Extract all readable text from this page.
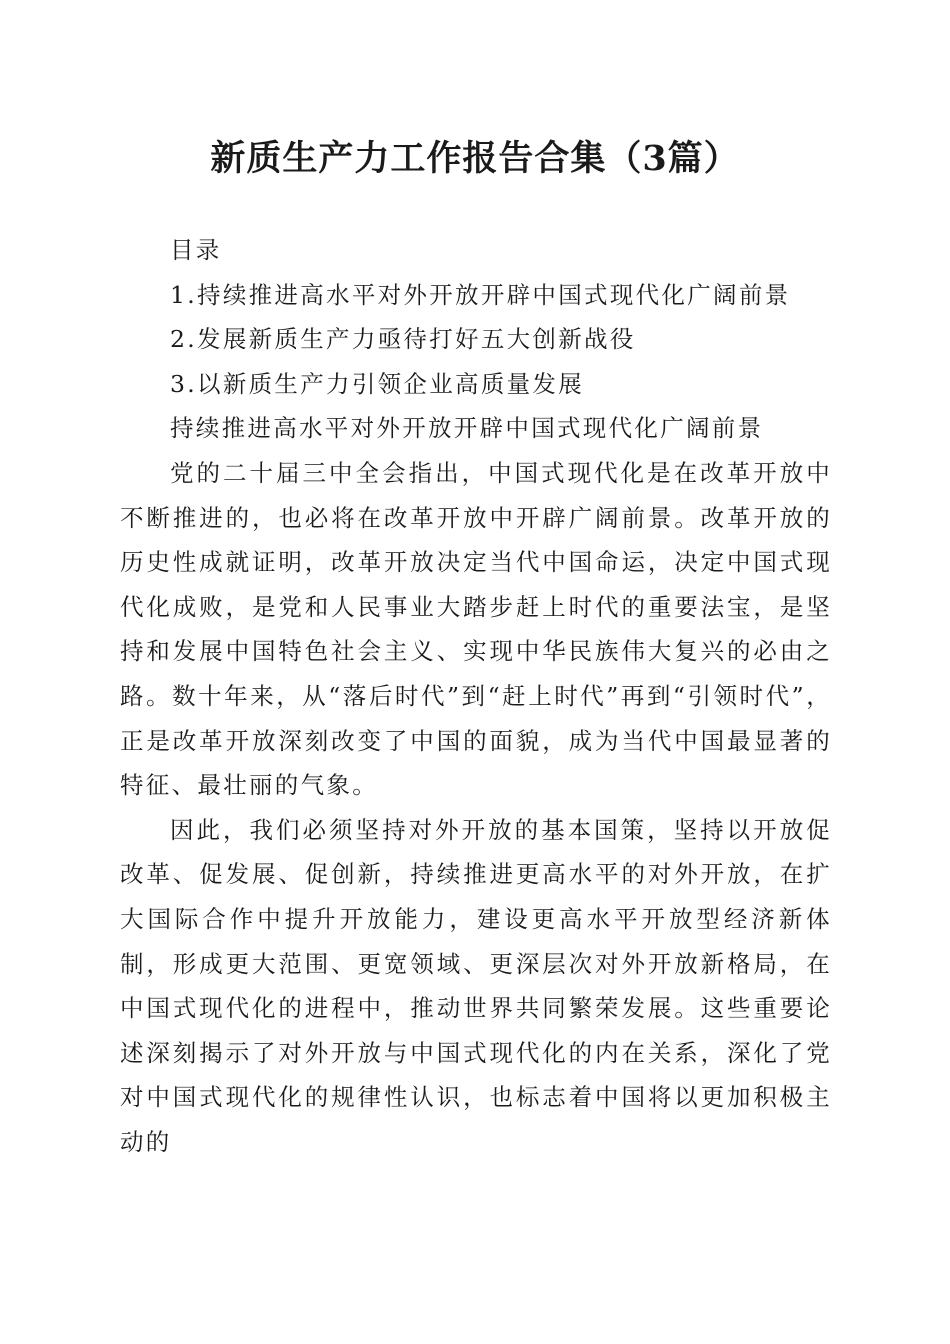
新质生产力工作报告合集（3篇）
目录
1.持续推进高水平对外开放开辟中国式现代化广阔前景
2.发展新质生产力亟待打好五大创新战役
3.以新质生产力引领企业高质量发展
持续推进高水平对外开放开辟中国式现代化广阔前景

党的二十届三中全会指出，中国式现代化是在改革开放中不断推进的，也必将在改革开放中开辟广阔前景。改革开放的历史性成就证明，改革开放决定当代中国命运，决定中国式现代化成败，是党和人民事业大踏步赶上时代的重要法宝，是坚持和发展中国特色社会主义、实现中华民族伟大复兴的必由之路。数十年来，从“落后时代”到“赶上时代”再到“引领时代”，正是改革开放深刻改变了中国的面貌，成为当代中国最显著的特征、最壮丽的气象。

因此，我们必须坚持对外开放的基本国策，坚持以开放促改革、促发展、促创新，持续推进更高水平的对外开放，在扩大国际合作中提升开放能力，建设更高水平开放型经济新体制，形成更大范围、更宽领域、更深层次对外开放新格局，在中国式现代化的进程中，推动世界共同繁荣发展。这些重要论述深刻揭示了对外开放与中国式现代化的内在关系，深化了党对中国式现代化的规律性认识，也标志着中国将以更加积极主动的
